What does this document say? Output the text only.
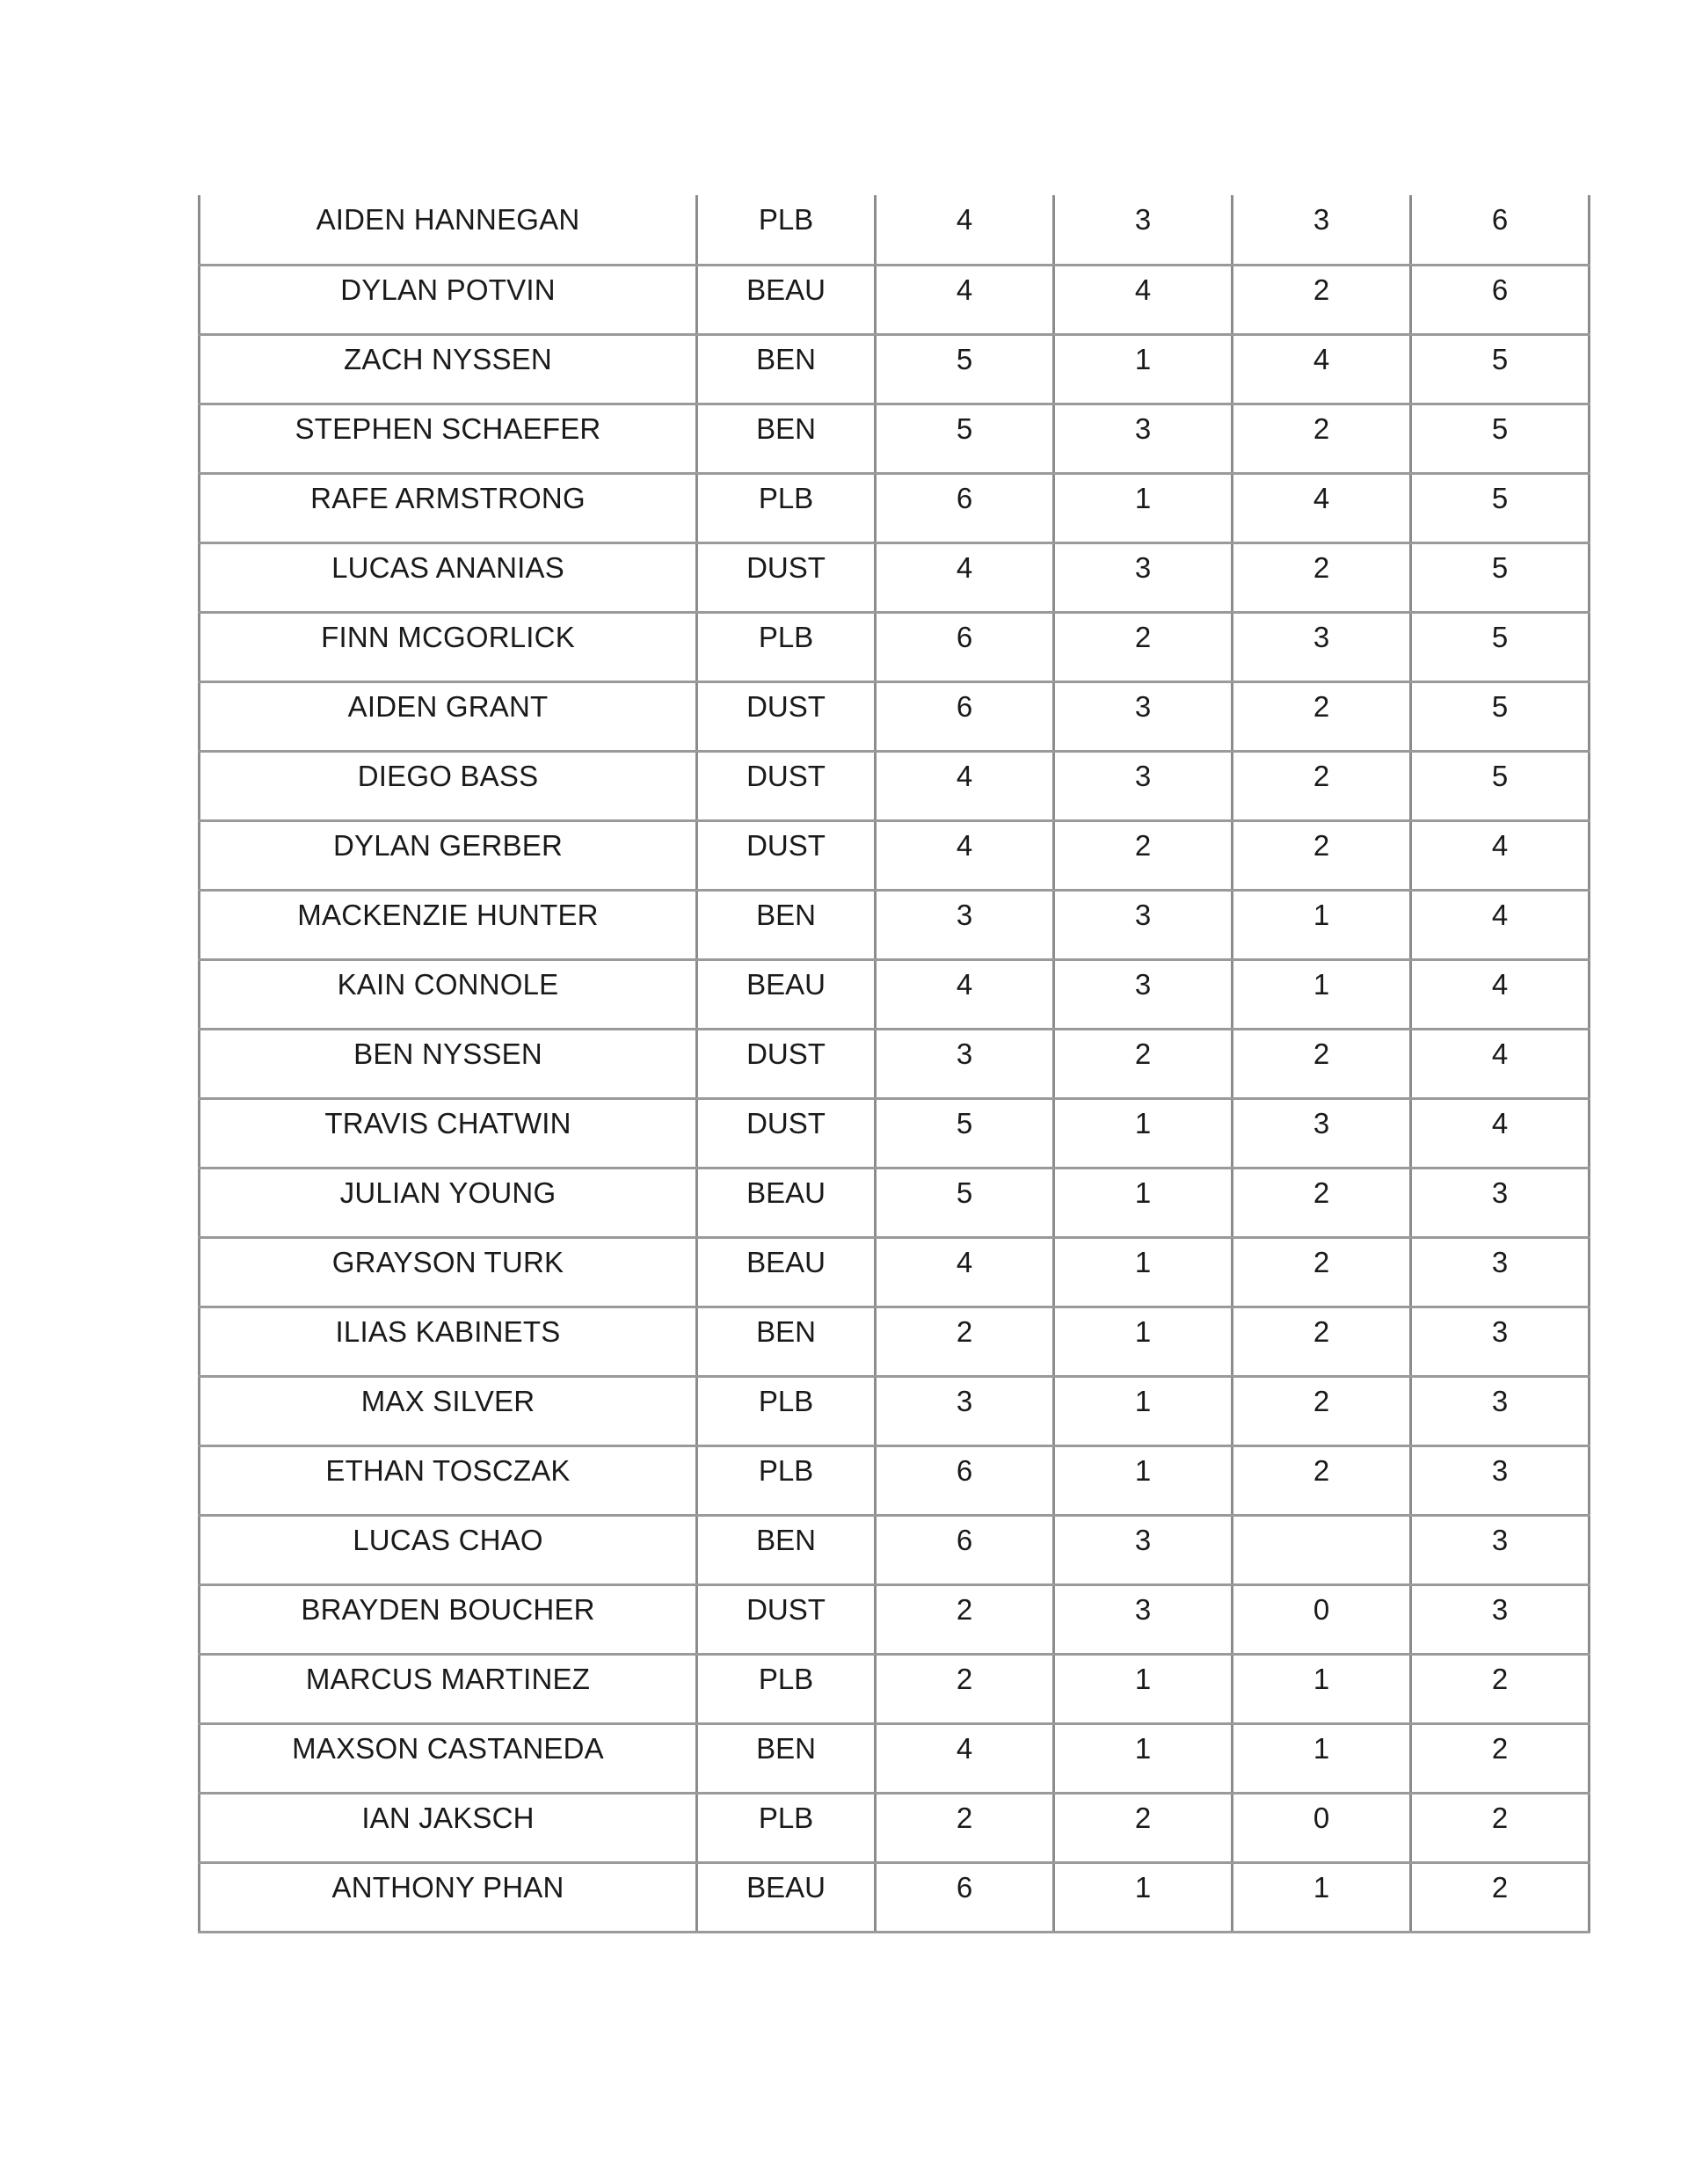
AIDEN HANNEGAN	PLB	4	3	3	6
DYLAN POTVIN	BEAU	4	4	2	6
ZACH NYSSEN	BEN	5	1	4	5
STEPHEN SCHAEFER	BEN	5	3	2	5
RAFE ARMSTRONG	PLB	6	1	4	5
LUCAS ANANIAS	DUST	4	3	2	5
FINN MCGORLICK	PLB	6	2	3	5
AIDEN GRANT	DUST	6	3	2	5
DIEGO BASS	DUST	4	3	2	5
DYLAN GERBER	DUST	4	2	2	4
MACKENZIE HUNTER	BEN	3	3	1	4
KAIN CONNOLE	BEAU	4	3	1	4
BEN NYSSEN	DUST	3	2	2	4
TRAVIS CHATWIN	DUST	5	1	3	4
JULIAN YOUNG	BEAU	5	1	2	3
GRAYSON TURK	BEAU	4	1	2	3
ILIAS KABINETS	BEN	2	1	2	3
MAX SILVER	PLB	3	1	2	3
ETHAN TOSCZAK	PLB	6	1	2	3
LUCAS CHAO	BEN	6	3		3
BRAYDEN BOUCHER	DUST	2	3	0	3
MARCUS MARTINEZ	PLB	2	1	1	2
MAXSON CASTANEDA	BEN	4	1	1	2
IAN JAKSCH	PLB	2	2	0	2
ANTHONY PHAN	BEAU	6	1	1	2
